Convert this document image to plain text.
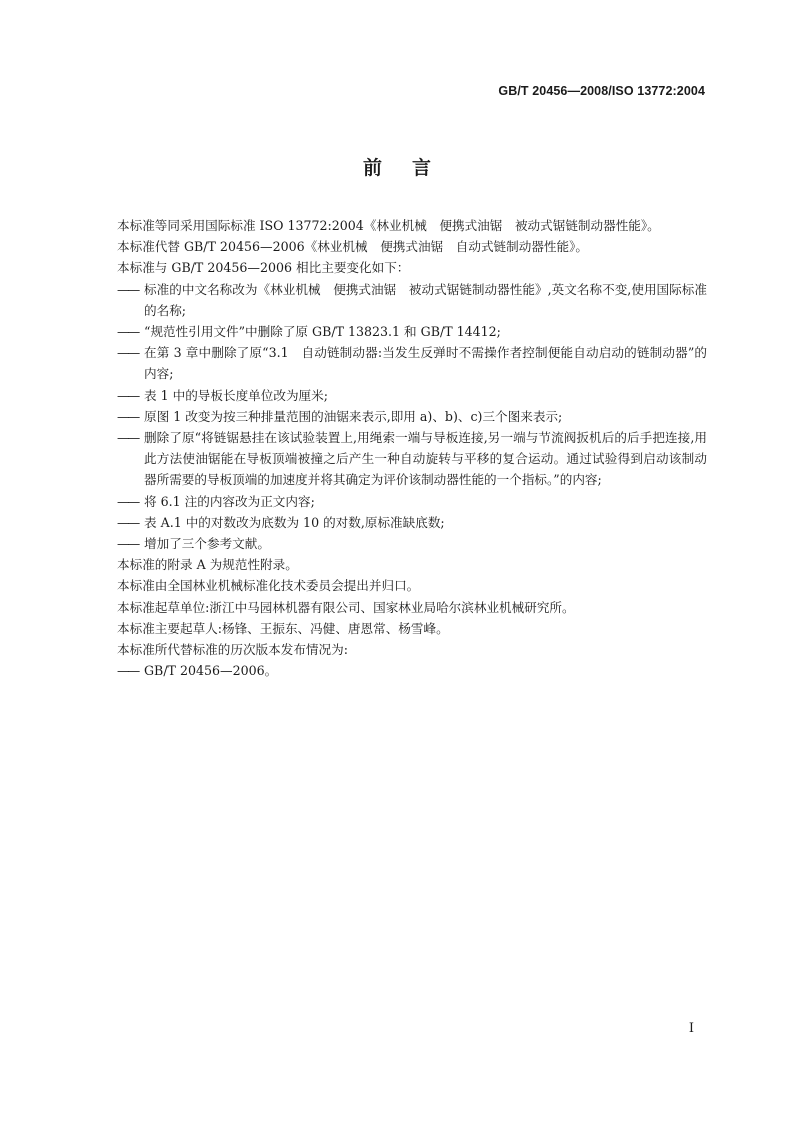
GB/T 20456—2008/ISO 13772:2004
前 言
本标准等同采用国际标准 ISO 13772:2004《林业机械　便携式油锯　被动式锯链制动器性能》。
本标准代替 GB/T 20456—2006《林业机械　便携式油锯　自动式链制动器性能》。
本标准与 GB/T 20456—2006 相比主要变化如下：
—— 标准的中文名称改为《林业机械　便携式油锯　被动式锯链制动器性能》,英文名称不变,使用国际标准的名称;
—— “规范性引用文件”中删除了原 GB/T 13823.1 和 GB/T 14412;
—— 在第 3 章中删除了原“3.1　自动链制动器:当发生反弹时不需操作者控制便能自动启动的链制动器”的内容;
—— 表 1 中的导板长度单位改为厘米;
—— 原图 1 改变为按三种排量范围的油锯来表示,即用 a)、b)、c)三个图来表示;
—— 删除了原“将链锯悬挂在该试验装置上,用绳索一端与导板连接,另一端与节流阀扳机后的后手把连接,用此方法使油锯能在导板顶端被撞之后产生一种自动旋转与平移的复合运动。通过试验得到启动该制动器所需要的导板顶端的加速度并将其确定为评价该制动器性能的一个指标。”的内容;
—— 将 6.1 注的内容改为正文内容;
—— 表 A.1 中的对数改为底数为 10 的对数,原标准缺底数;
—— 增加了三个参考文献。
本标准的附录 A 为规范性附录。
本标准由全国林业机械标准化技术委员会提出并归口。
本标准起草单位:浙江中马园林机器有限公司、国家林业局哈尔滨林业机械研究所。
本标准主要起草人:杨锋、王振东、冯健、唐恩常、杨雪峰。
本标准所代替标准的历次版本发布情况为:
—— GB/T 20456—2006。
I
